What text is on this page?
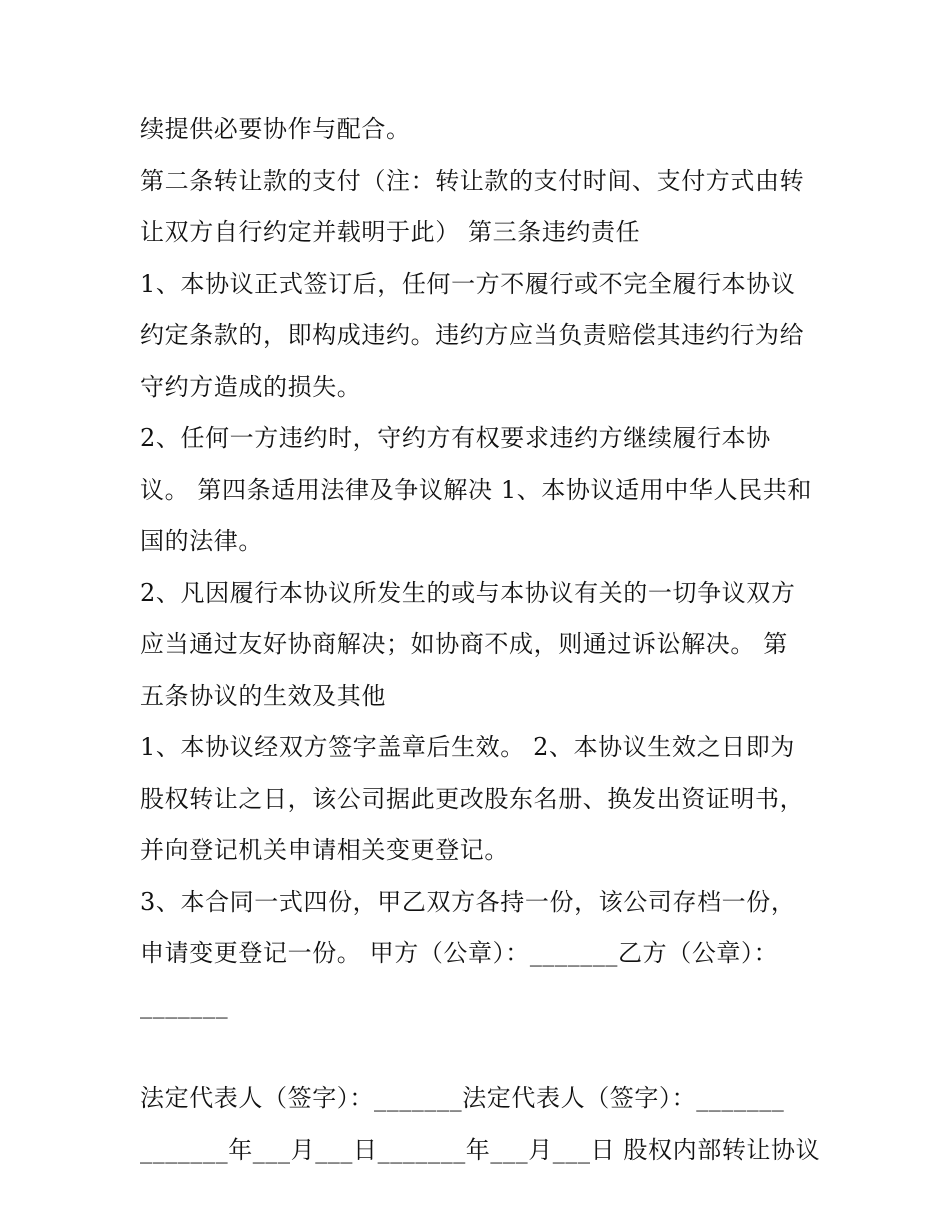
续提供必要协作与配合。
第二条转让款的支付（注：转让款的支付时间、支付方式由转
让双方自行约定并载明于此） 第三条违约责任
1、本协议正式签订后，任何一方不履行或不完全履行本协议
约定条款的，即构成违约。违约方应当负责赔偿其违约行为给
守约方造成的损失。
2、任何一方违约时，守约方有权要求违约方继续履行本协
议。 第四条适用法律及争议解决 1、本协议适用中华人民共和
国的法律。
2、凡因履行本协议所发生的或与本协议有关的一切争议双方
应当通过友好协商解决；如协商不成，则通过诉讼解决。 第
五条协议的生效及其他
1、本协议经双方签字盖章后生效。 2、本协议生效之日即为
股权转让之日，该公司据此更改股东名册、换发出资证明书，
并向登记机关申请相关变更登记。
3、本合同一式四份，甲乙双方各持一份，该公司存档一份，
申请变更登记一份。 甲方（公章）：_______乙方（公章）：
_______
法定代表人（签字）：_______法定代表人（签字）：_______
_______年___月___日_______年___月___日 股权内部转让协议
